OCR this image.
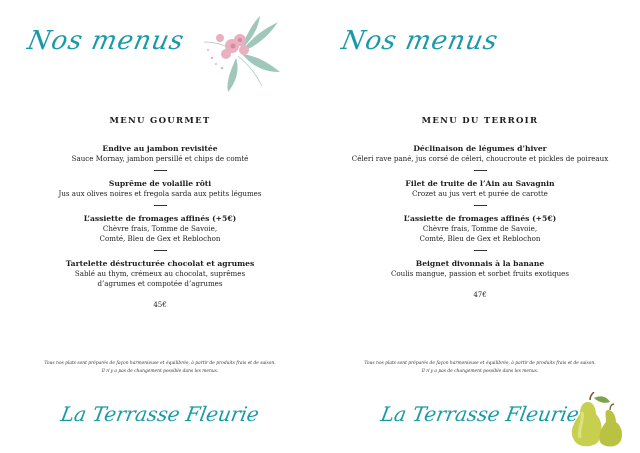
Nos menus
MENU GOURMET

Endive au jambon revisitée

Sauce Mornay, jambon persillé et chips de comté

Suprême de volaille rôti

Jus aux olives noires et fregola sarda aux petits légumes

L’assiette de fromages affinés (+5€)

Chèvre frais, Tomme de Savoie, Comté, Bleu de Gex et Reblochon

Tartelette déstructurée chocolat et agrumes

Sablé au thym, crémeux au chocolat, suprêmes d’agrumes et compotée d’agrumes

45€
Tous nos plats sont préparés de façon harmonieuse et équilibrée, à partir de produits frais et de saison.
Il n’y a pas de changement possible dans les menus.
La Terrasse Fleurie
Nos menus
MENU DU TERROIR

Déclinaison de légumes d’hiver

Céleri rave pané, jus corsé de céleri, choucroute et pickles de poireaux

Filet de truite de l’Ain au Savagnin

Crozet au jus vert et purée de carotte

L’assiette de fromages affinés (+5€)

Chèvre frais, Tomme de Savoie, Comté, Bleu de Gex et Reblochon

Beignet divonnais à la banane

Coulis mangue, passion et sorbet fruits exotiques

47€
Tous nos plats sont préparés de façon harmonieuse et équilibrée, à partir de produits frais et de saison.
Il n’y a pas de changement possible dans les menus.
La Terrasse Fleurie
